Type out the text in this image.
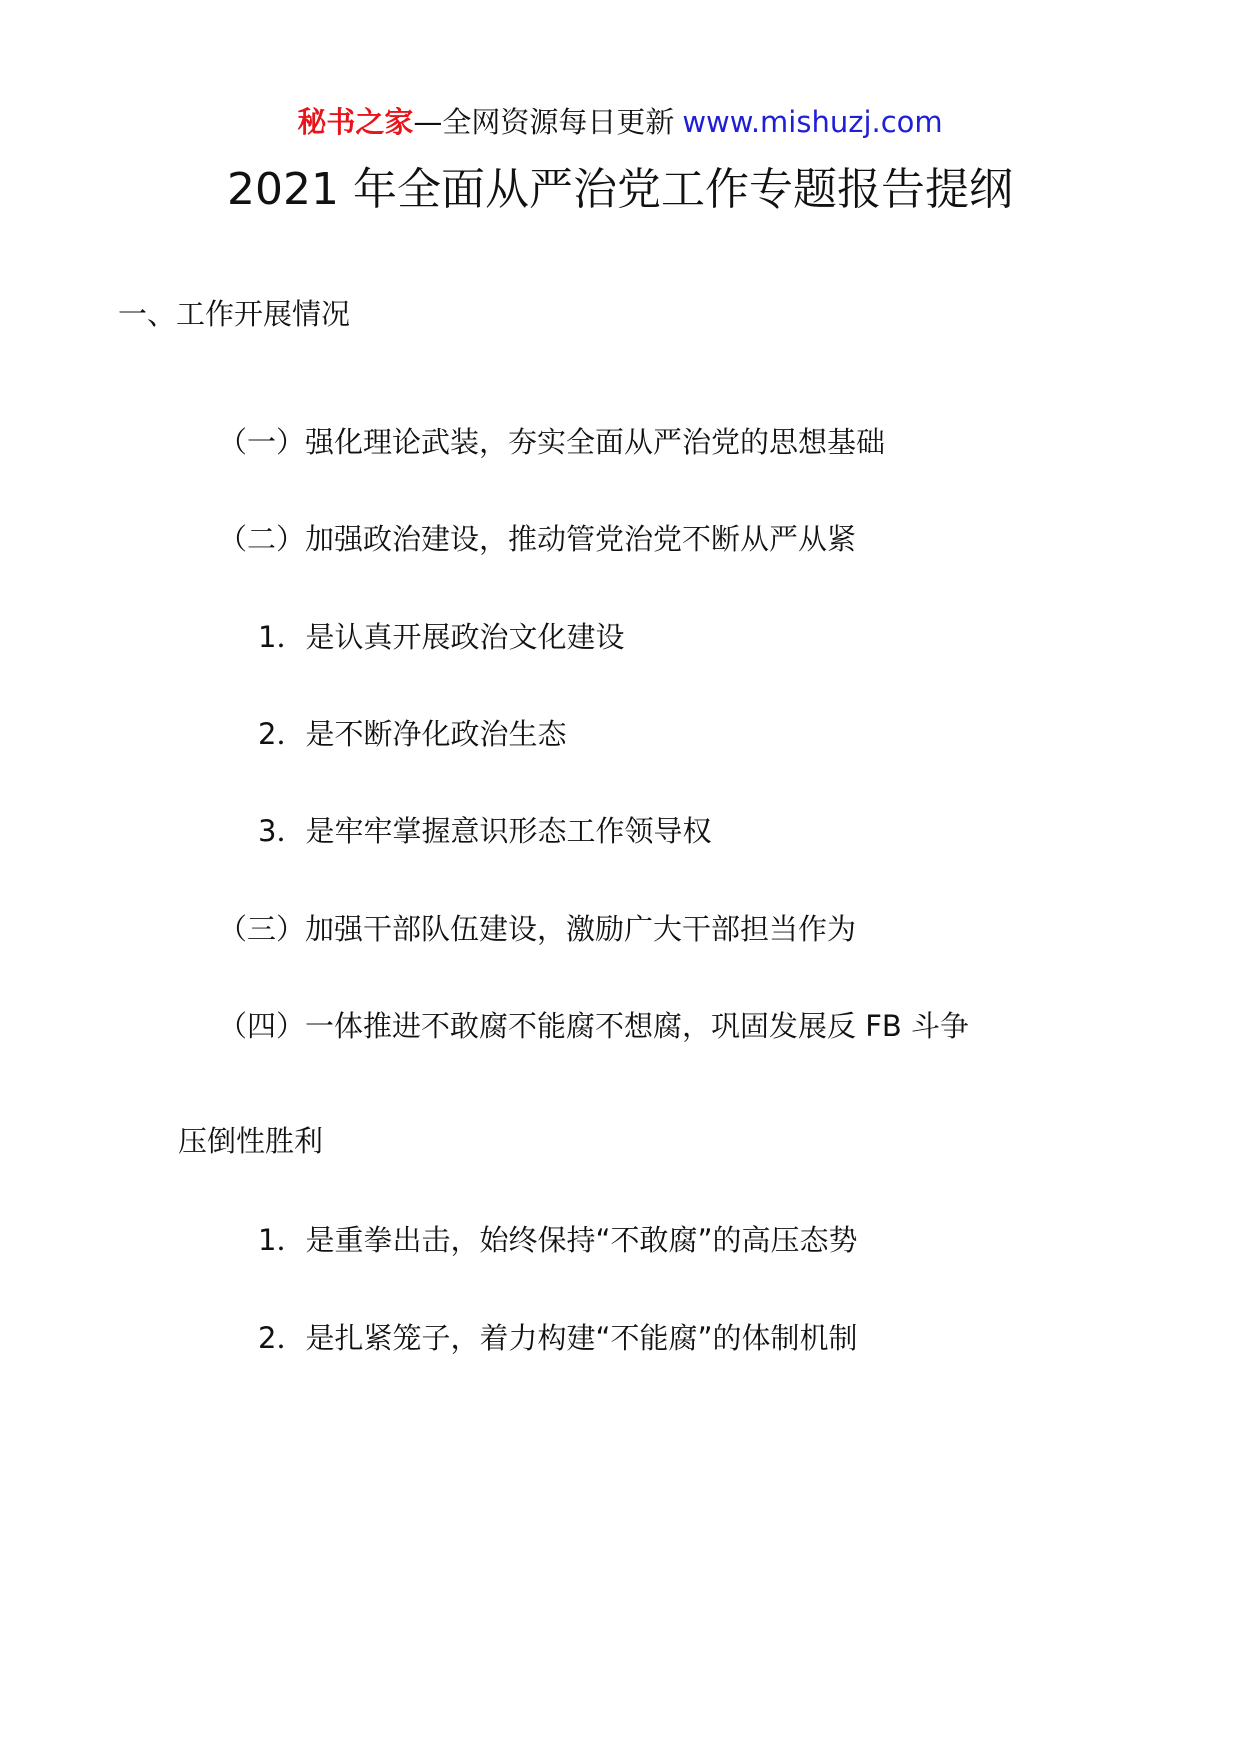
秘书之家—全网资源每日更新 www.mishuzj.com
2021 年全面从严治党工作专题报告提纲
一、工作开展情况
（一）强化理论武装，夯实全面从严治党的思想基础
（二）加强政治建设，推动管党治党不断从严从紧
1．是认真开展政治文化建设
2．是不断净化政治生态
3．是牢牢掌握意识形态工作领导权
（三）加强干部队伍建设，激励广大干部担当作为
（四）一体推进不敢腐不能腐不想腐，巩固发展反 FB 斗争
压倒性胜利
1．是重拳出击，始终保持“不敢腐”的高压态势
2．是扎紧笼子，着力构建“不能腐”的体制机制
